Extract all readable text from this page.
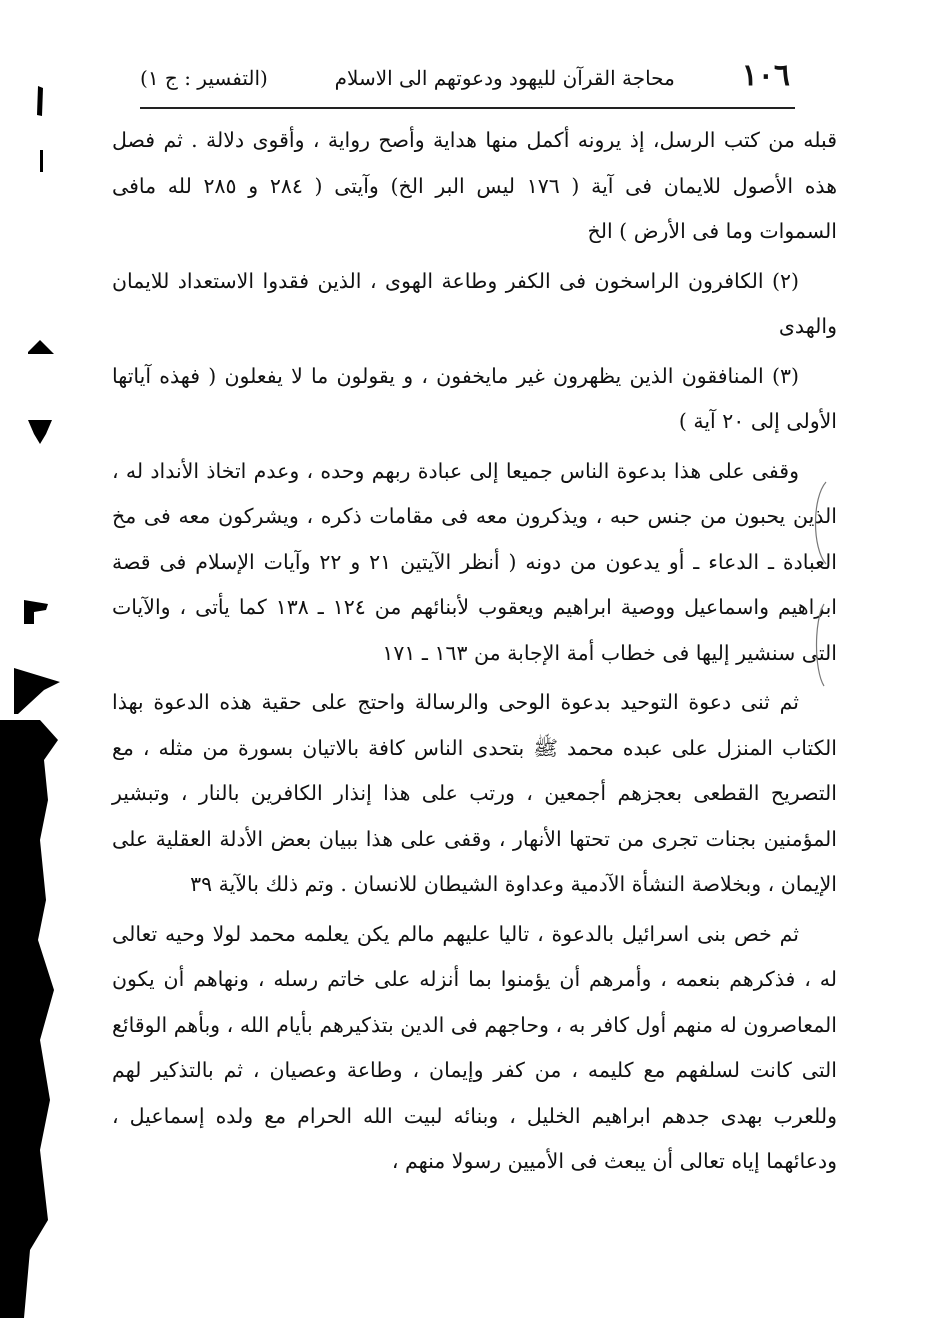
١٠٦
محاجة القرآن لليهود ودعوتهم الى الاسلام
(التفسير : ج ١)

قبله من كتب الرسل، إذ يرونه أكمل منها هداية وأصح رواية ، وأقوى دلالة . ثم فصل هذه الأصول للايمان فى آية ( ١٧٦ ليس البر الخ) وآيتى ( ٢٨٤ و ٢٨٥ لله مافى السموات وما فى الأرض ) الخ

(٢) الكافرون الراسخون فى الكفر وطاعة الهوى ، الذين فقدوا الاستعداد للايمان والهدى

(٣) المنافقون الذين يظهرون غير مايخفون ، و يقولون ما لا يفعلون ( فهذه آياتها الأولى إلى ٢٠ آية )

وقفى على هذا بدعوة الناس جميعا إلى عبادة ربهم وحده ، وعدم اتخاذ الأنداد له ، الذين يحبون من جنس حبه ، ويذكرون معه فى مقامات ذكره ، ويشركون معه فى مخ العبادة ـ الدعاء ـ أو يدعون من دونه ( أنظر الآيتين ٢١ و ٢٢ وآيات الإسلام فى قصة ابراهيم واسماعيل ووصية ابراهيم ويعقوب لأبنائهم من ١٢٤ ـ ١٣٨ كما يأتى ، والآيات التى سنشير إليها فى خطاب أمة الإجابة من ١٦٣ ـ ١٧١

ثم ثنى دعوة التوحيد بدعوة الوحى والرسالة واحتج على حقية هذه الدعوة بهذا الكتاب المنزل على عبده محمد ﷺ بتحدى الناس كافة بالاتيان بسورة من مثله ، مع التصريح القطعى بعجزهم أجمعين ، ورتب على هذا إنذار الكافرين بالنار ، وتبشير المؤمنين بجنات تجرى من تحتها الأنهار ، وقفى على هذا ببيان بعض الأدلة العقلية على الإيمان ، وبخلاصة النشأة الآدمية وعداوة الشيطان للانسان . وتم ذلك بالآية ٣٩

ثم خص بنى اسرائيل بالدعوة ، تاليا عليهم مالم يكن يعلمه محمد لولا وحيه تعالى له ، فذكرهم بنعمه ، وأمرهم أن يؤمنوا بما أنزله على خاتم رسله ، ونهاهم أن يكون المعاصرون له منهم أول كافر به ، وحاجهم فى الدين بتذكيرهم بأيام الله ، وبأهم الوقائع التى كانت لسلفهم مع كليمه ، من كفر وإيمان ، وطاعة وعصيان ، ثم بالتذكير لهم وللعرب بهدى جدهم ابراهيم الخليل ، وبنائه لبيت الله الحرام مع ولده إسماعيل ، ودعائهما إياه تعالى أن يبعث فى الأميين رسولا منهم ،
